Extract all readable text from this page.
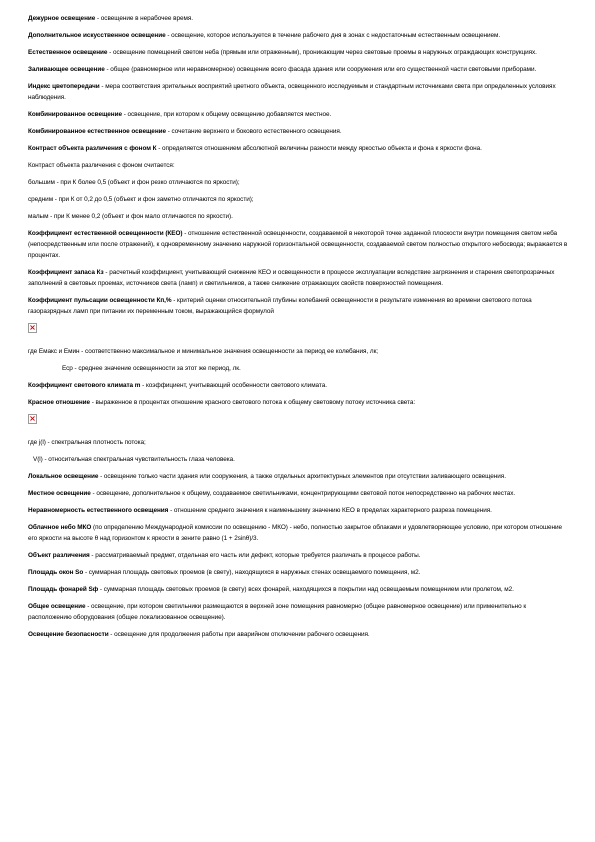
Дежурное освещение - освещение в нерабочее время.

Дополнительное искусственное освещение - освещение, которое используется в течение рабочего дня в зонах с недостаточным естественным освещением.

Естественное освещение - освещение помещений светом неба (прямым или отраженным), проникающим через световые проемы в наружных ограждающих конструкциях.

Заливающее освещение - общее (равномерное или неравномерное) освещение всего фасада здания или сооружения или его существенной части световыми приборами.

Индекс цветопередачи - мера соответствия зрительных восприятий цветного объекта, освещенного исследуемым и стандартным источниками света при определенных условиях наблюдения.

Комбинированное освещение - освещение, при котором к общему освещению добавляется местное.

Комбинированное естественное освещение - сочетание верхнего и бокового естественного освещения.

Контраст объекта различения с фоном К - определяется отношением абсолютной величины разности между яркостью объекта и фона к яркости фона.

Контраст объекта различения с фоном считается:

большим - при К более 0,5 (объект и фон резко отличаются по яркости);

средним - при К от 0,2 до 0,5 (объект и фон заметно отличаются по яркости);

малым - при К менее 0,2 (объект и фон мало отличаются по яркости).

Коэффициент естественной освещенности (КЕО) - отношение естественной освещенности, создаваемой в некоторой точке заданной плоскости внутри помещения светом неба (непосредственным или после отражений), к одновременному значению наружной горизонтальной освещенности, создаваемой светом полностью открытого небосвода; выражается в процентах.

Коэффициент запаса Кз - расчетный коэффициент, учитывающий снижение КЕО и освещенности в процессе эксплуатации вследствие загрязнения и старения светопрозрачных заполнений в световых проемах, источников света (ламп) и светильников, а также снижение отражающих свойств поверхностей помещения.

Коэффициент пульсации освещенности Кп,% - критерий оценки относительной глубины колебаний освещенности в результате изменения во времени светового потока газоразрядных ламп при питании их переменным током, выражающийся формулой

×

где Емакс и Емин - соответственно максимальное и минимальное значения освещенности за период ее колебания, лк;

Еср - среднее значение освещенности за этот же период, лк.

Коэффициент светового климата m - коэффициент, учитывающий особенности светового климата.

Красное отношение - выраженное в процентах отношение красного светового потока к общему световому потоку источника света:

×

где j(l) - спектральная плотность потока;

V(l) - относительная спектральная чувствительность глаза человека.

Локальное освещение - освещение только части здания или сооружения, а также отдельных архитектурных элементов при отсутствии заливающего освещения.

Местное освещение - освещение, дополнительное к общему, создаваемое светильниками, концентрирующими световой поток непосредственно на рабочих местах.

Неравномерность естественного освещения - отношение среднего значения к наименьшему значению КЕО в пределах характерного разреза помещения.

Облачное небо МКО (по определению Международной комиссии по освещению - МКО) - небо, полностью закрытое облаками и удовлетворяющее условию, при котором отношение его яркости на высоте θ над горизонтом к яркости в зените равно (1 + 2sinθ)/3.

Объект различения - рассматриваемый предмет, отдельная его часть или дефект, которые требуется различать в процессе работы.

Площадь окон So - суммарная площадь световых проемов (в свету), находящихся в наружных стенах освещаемого помещения, м2.

Площадь фонарей Sф - суммарная площадь световых проемов (в свету) всех фонарей, находящихся в покрытии над освещаемым помещением или пролетом, м2.

Общее освещение - освещение, при котором светильники размещаются в верхней зоне помещения равномерно (общее равномерное освещение) или применительно к расположению оборудования (общее локализованное освещение).

Освещение безопасности - освещение для продолжения работы при аварийном отключении рабочего освещения.
